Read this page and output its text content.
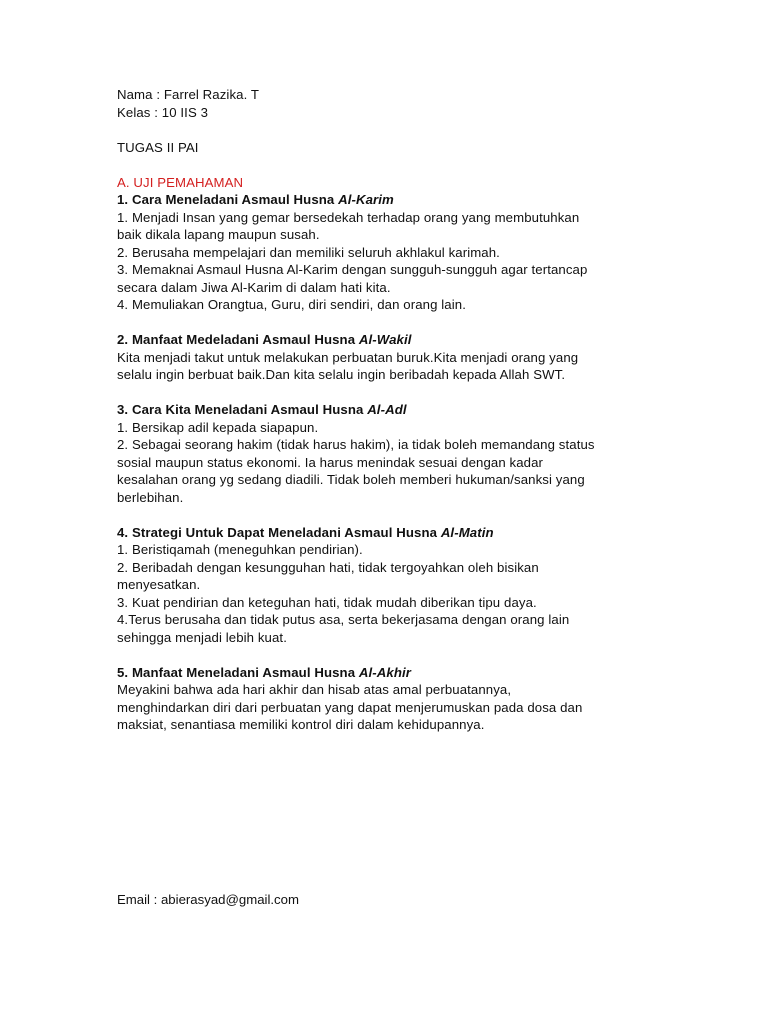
Nama : Farrel Razika. T
Kelas : 10 IIS 3
TUGAS II PAI
A. UJI PEMAHAMAN
1. Cara Meneladani Asmaul Husna Al-Karim
1. Menjadi Insan yang gemar bersedekah terhadap orang yang membutuhkan
baik dikala lapang maupun susah.
2. Berusaha mempelajari dan memiliki seluruh akhlakul karimah.
3. Memaknai Asmaul Husna Al-Karim dengan sungguh-sungguh agar tertancap
secara dalam Jiwa Al-Karim di dalam hati kita.
4. Memuliakan Orangtua, Guru, diri sendiri, dan orang lain.
2. Manfaat Medeladani Asmaul Husna Al-Wakil
Kita menjadi takut untuk melakukan perbuatan buruk.Kita menjadi orang yang
selalu ingin berbuat baik.Dan kita selalu ingin beribadah kepada Allah SWT.
3. Cara Kita Meneladani Asmaul Husna Al-Adl
1. Bersikap adil kepada siapapun.
2. Sebagai seorang hakim (tidak harus hakim), ia tidak boleh memandang status
sosial maupun status ekonomi. Ia harus menindak sesuai dengan kadar
kesalahan orang yg sedang diadili. Tidak boleh memberi hukuman/sanksi yang
berlebihan.
4. Strategi Untuk Dapat Meneladani Asmaul Husna Al-Matin
1. Beristiqamah (meneguhkan pendirian).
2. Beribadah dengan kesungguhan hati, tidak tergoyahkan oleh bisikan
menyesatkan.
3. Kuat pendirian dan keteguhan hati, tidak mudah diberikan tipu daya.
4.Terus berusaha dan tidak putus asa, serta bekerjasama dengan orang lain
sehingga menjadi lebih kuat.
5. Manfaat Meneladani Asmaul Husna Al-Akhir
Meyakini bahwa ada hari akhir dan hisab atas amal perbuatannya,
menghindarkan diri dari perbuatan yang dapat menjerumuskan pada dosa dan
maksiat, senantiasa memiliki kontrol diri dalam kehidupannya.
Email : abierasyad@gmail.com
